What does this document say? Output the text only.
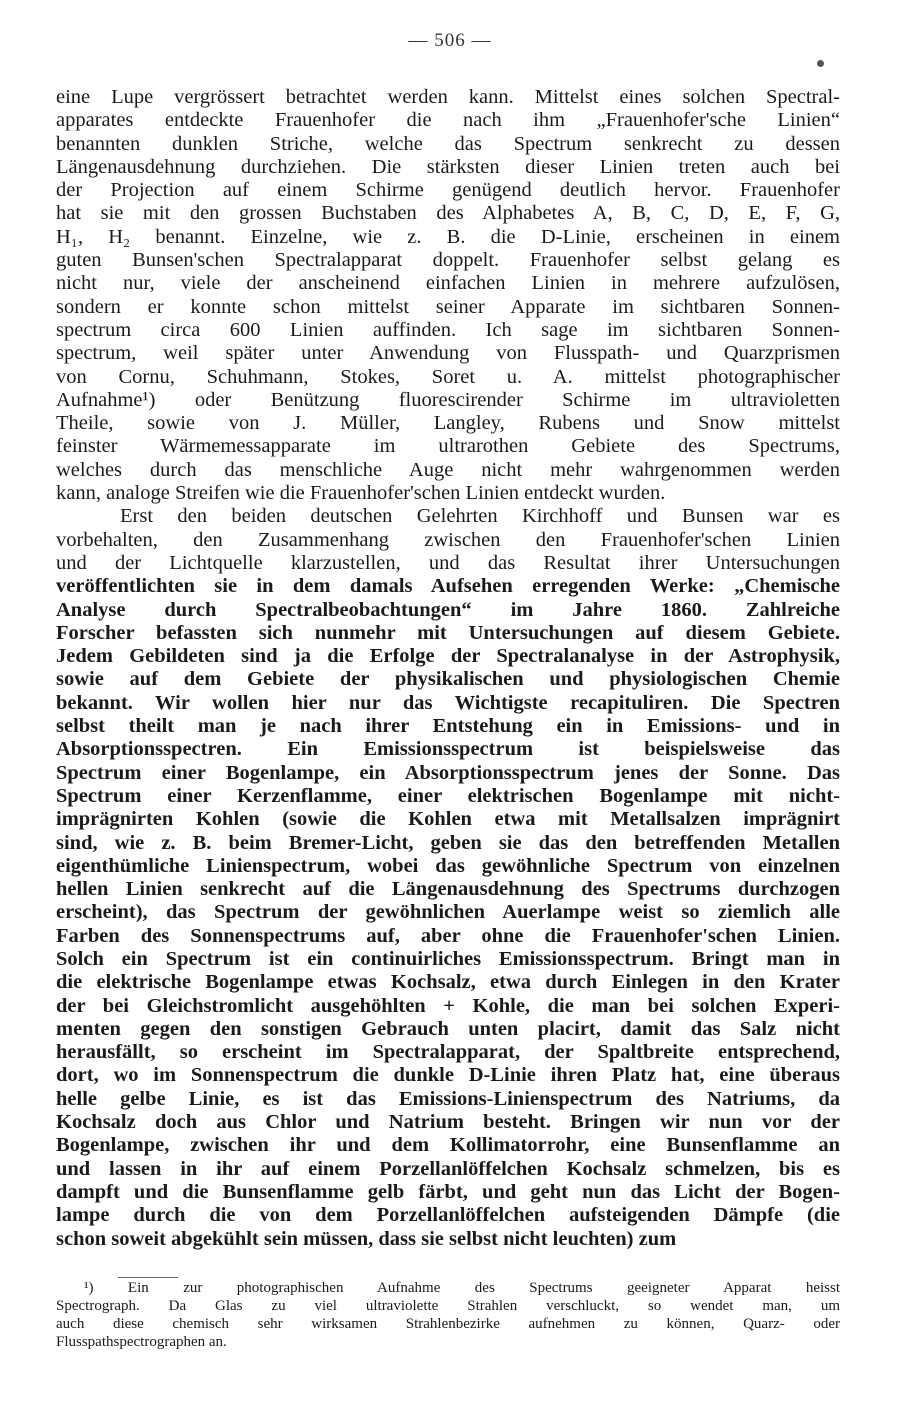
— 506 —
eine Lupe vergrössert betrachtet werden kann. Mittelst eines solchen Spectral-
apparates entdeckte Frauenhofer die nach ihm „Frauenhofer'sche Linien“
benannten dunklen Striche, welche das Spectrum senkrecht zu dessen
Längenausdehnung durchziehen. Die stärksten dieser Linien treten auch bei
der Projection auf einem Schirme genügend deutlich hervor. Frauenhofer
hat sie mit den grossen Buchstaben des Alphabetes A, B, C, D, E, F, G,
H₁, H₂ benannt. Einzelne, wie z. B. die D-Linie, erscheinen in einem
guten Bunsen'schen Spectralapparat doppelt. Frauenhofer selbst gelang es
nicht nur, viele der anscheinend einfachen Linien in mehrere aufzulösen,
sondern er konnte schon mittelst seiner Apparate im sichtbaren Sonnen-
spectrum circa 600 Linien auffinden. Ich sage im sichtbaren Sonnen-
spectrum, weil später unter Anwendung von Flusspath- und Quarzprismen
von Cornu, Schuhmann, Stokes, Soret u. A. mittelst photographischer
Aufnahme¹) oder Benützung fluorescirender Schirme im ultravioletten
Theile, sowie von J. Müller, Langley, Rubens und Snow mittelst
feinster Wärmemessapparate im ultrarothen Gebiete des Spectrums,
welches durch das menschliche Auge nicht mehr wahrgenommen werden
kann, analoge Streifen wie die Frauenhofer'schen Linien entdeckt wurden.
Erst den beiden deutschen Gelehrten Kirchhoff und Bunsen war es
vorbehalten, den Zusammenhang zwischen den Frauenhofer'schen Linien
und der Lichtquelle klarzustellen, und das Resultat ihrer Untersuchungen
veröffentlichten sie in dem damals Aufsehen erregenden Werke: „Chemische
Analyse durch Spectralbeobachtungen“ im Jahre 1860. Zahlreiche
Forscher befassten sich nunmehr mit Untersuchungen auf diesem Gebiete.
Jedem Gebildeten sind ja die Erfolge der Spectralanalyse in der Astrophysik,
sowie auf dem Gebiete der physikalischen und physiologischen Chemie
bekannt. Wir wollen hier nur das Wichtigste recapituliren. Die Spectren
selbst theilt man je nach ihrer Entstehung ein in Emissions- und in
Absorptionsspectren. Ein Emissionsspectrum ist beispielsweise das
Spectrum einer Bogenlampe, ein Absorptionsspectrum jenes der Sonne. Das
Spectrum einer Kerzenflamme, einer elektrischen Bogenlampe mit nicht-
imprägnirten Kohlen (sowie die Kohlen etwa mit Metallsalzen imprägnirt
sind, wie z. B. beim Bremer-Licht, geben sie das den betreffenden Metallen
eigenthümliche Linienspectrum, wobei das gewöhnliche Spectrum von einzelnen
hellen Linien senkrecht auf die Längenausdehnung des Spectrums durchzogen
erscheint), das Spectrum der gewöhnlichen Auerlampe weist so ziemlich alle
Farben des Sonnenspectrums auf, aber ohne die Frauenhofer'schen Linien.
Solch ein Spectrum ist ein continuirliches Emissionsspectrum. Bringt man in
die elektrische Bogenlampe etwas Kochsalz, etwa durch Einlegen in den Krater
der bei Gleichstromlicht ausgehöhlten + Kohle, die man bei solchen Experi-
menten gegen den sonstigen Gebrauch unten placirt, damit das Salz nicht
herausfällt, so erscheint im Spectralapparat, der Spaltbreite entsprechend,
dort, wo im Sonnenspectrum die dunkle D-Linie ihren Platz hat, eine überaus
helle gelbe Linie, es ist das Emissions-Linienspectrum des Natriums, da
Kochsalz doch aus Chlor und Natrium besteht. Bringen wir nun vor der
Bogenlampe, zwischen ihr und dem Kollimatorrohr, eine Bunsenflamme an
und lassen in ihr auf einem Porzellanlöffelchen Kochsalz schmelzen, bis es
dampft und die Bunsenflamme gelb färbt, und geht nun das Licht der Bogen-
lampe durch die von dem Porzellanlöffelchen aufsteigenden Dämpfe (die
schon soweit abgekühlt sein müssen, dass sie selbst nicht leuchten) zum
¹) Ein zur photographischen Aufnahme des Spectrums geeigneter Apparat heisst
Spectrograph. Da Glas zu viel ultraviolette Strahlen verschluckt, so wendet man, um
auch diese chemisch sehr wirksamen Strahlenbezirke aufnehmen zu können, Quarz- oder
Flusspathspectrographen an.
